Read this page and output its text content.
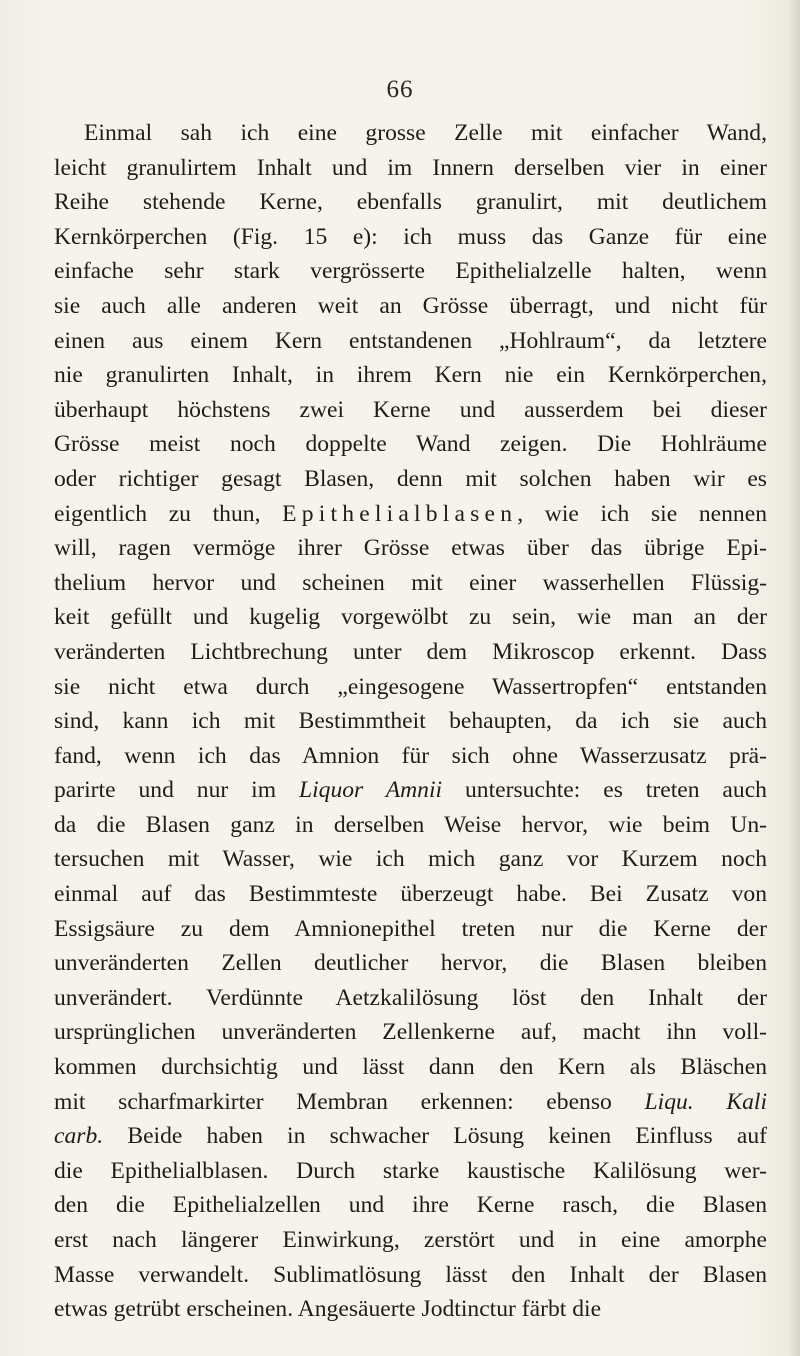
66
Einmal sah ich eine grosse Zelle mit einfacher Wand,
leicht granulirtem Inhalt und im Innern derselben vier in einer
Reihe stehende Kerne, ebenfalls granulirt, mit deutlichem
Kernkörperchen (Fig. 15 e): ich muss das Ganze für eine
einfache sehr stark vergrösserte Epithelialzelle halten, wenn
sie auch alle anderen weit an Grösse überragt, und nicht für
einen aus einem Kern entstandenen „Hohlraum“, da letztere
nie granulirten Inhalt, in ihrem Kern nie ein Kernkörperchen,
überhaupt höchstens zwei Kerne und ausserdem bei dieser
Grösse meist noch doppelte Wand zeigen. Die Hohlräume
oder richtiger gesagt Blasen, denn mit solchen haben wir es
eigentlich zu thun, Epithelialblasen, wie ich sie nennen
will, ragen vermöge ihrer Grösse etwas über das übrige Epi-
thelium hervor und scheinen mit einer wasserhellen Flüssig-
keit gefüllt und kugelig vorgewölbt zu sein, wie man an der
veränderten Lichtbrechung unter dem Mikroscop erkennt. Dass
sie nicht etwa durch „eingesogene Wassertropfen“ entstanden
sind, kann ich mit Bestimmtheit behaupten, da ich sie auch
fand, wenn ich das Amnion für sich ohne Wasserzusatz prä-
parirte und nur im Liquor Amnii untersuchte: es treten auch
da die Blasen ganz in derselben Weise hervor, wie beim Un-
tersuchen mit Wasser, wie ich mich ganz vor Kurzem noch
einmal auf das Bestimmteste überzeugt habe. Bei Zusatz von
Essigsäure zu dem Amnionepithel treten nur die Kerne der
unveränderten Zellen deutlicher hervor, die Blasen bleiben
unverändert. Verdünnte Aetzkalilösung löst den Inhalt der
ursprünglichen unveränderten Zellenkerne auf, macht ihn voll-
kommen durchsichtig und lässt dann den Kern als Bläschen
mit scharfmarkirter Membran erkennen: ebenso Liqu. Kali
carb. Beide haben in schwacher Lösung keinen Einfluss auf
die Epithelialblasen. Durch starke kaustische Kalilösung wer-
den die Epithelialzellen und ihre Kerne rasch, die Blasen
erst nach längerer Einwirkung, zerstört und in eine amorphe
Masse verwandelt. Sublimatlösung lässt den Inhalt der Blasen
etwas getrübt erscheinen. Angesäuerte Jodtinctur färbt die
